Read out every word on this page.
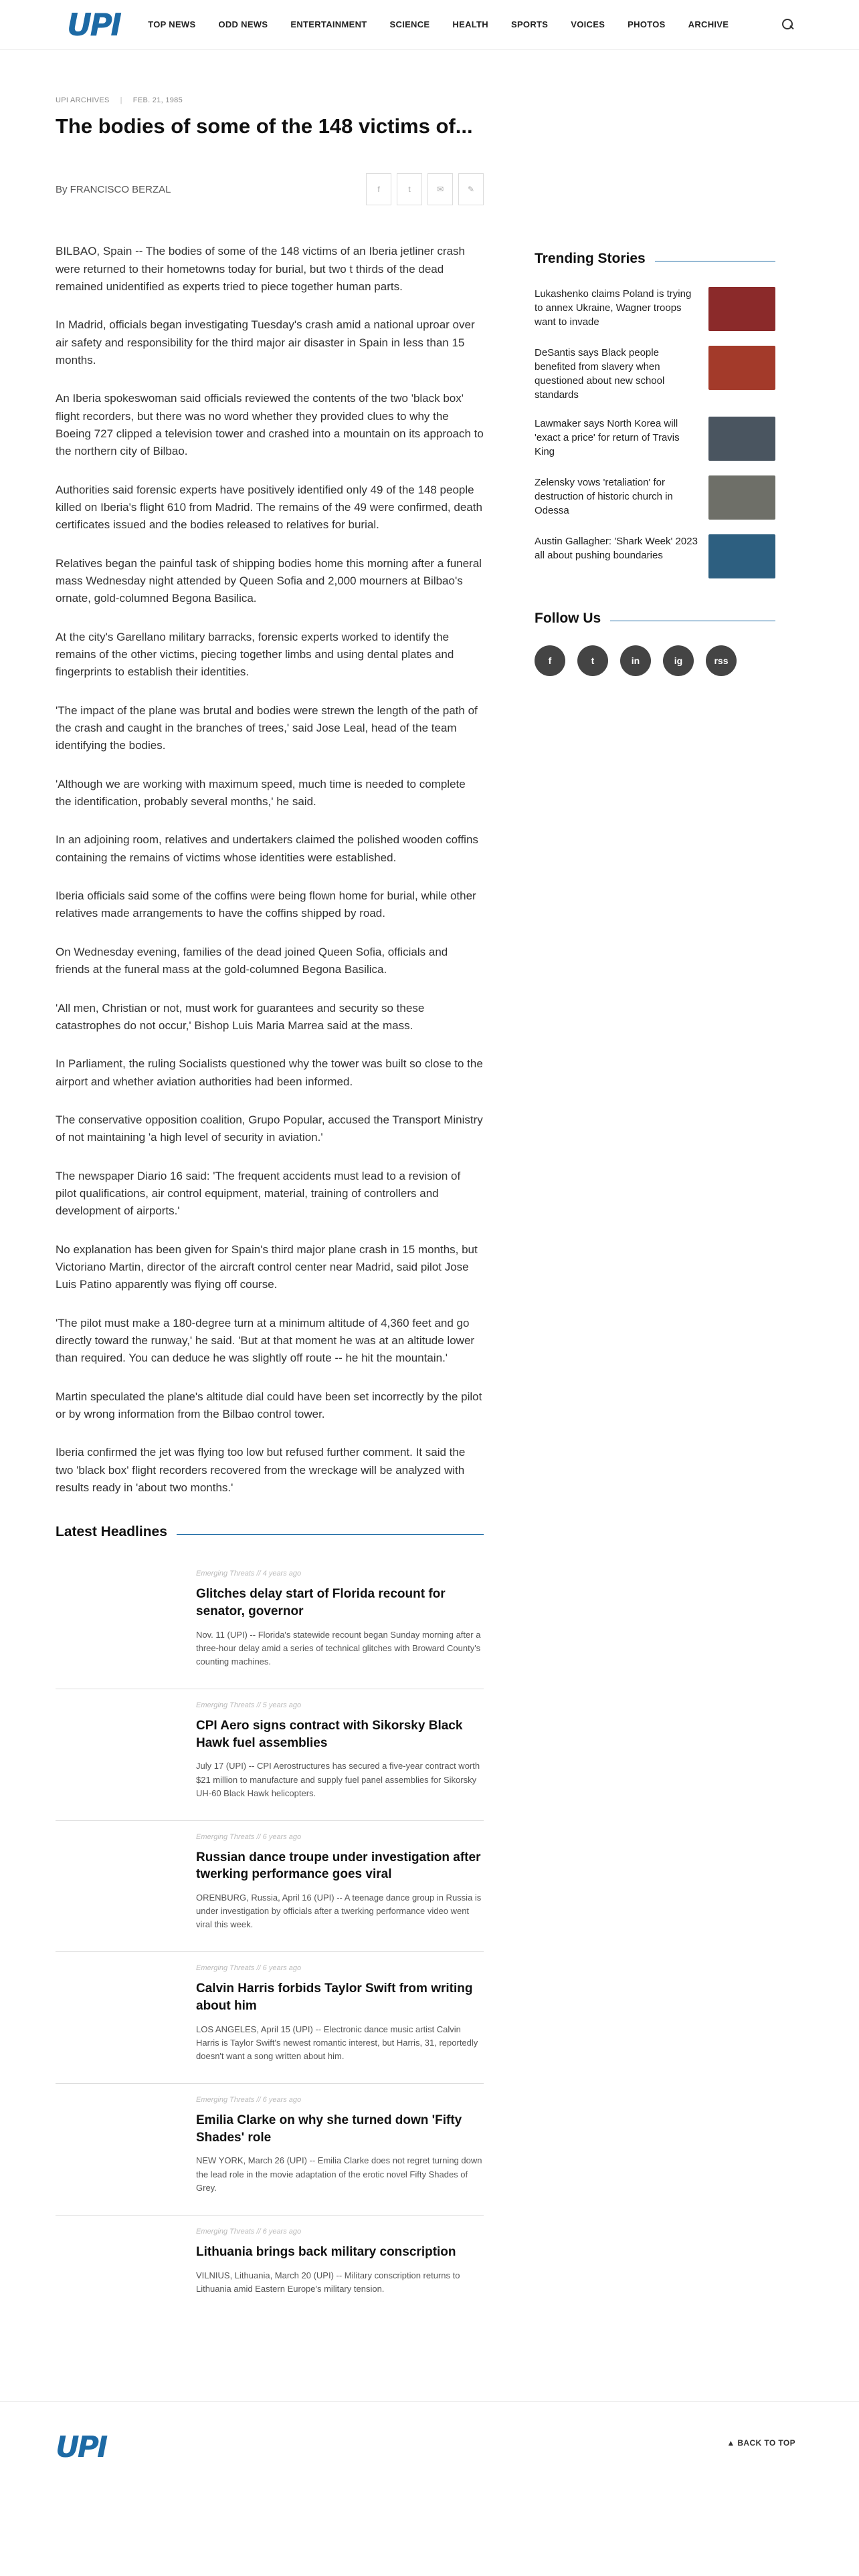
UPI	TOP NEWS	ODD NEWS	ENTERTAINMENT	SCIENCE	HEALTH	SPORTS	VOICES	PHOTOS	ARCHIVE
UPI ARCHIVES | FEB. 21, 1985
The bodies of some of the 148 victims of...
By FRANCISCO BERZAL	f	t	✉	✎

BILBAO, Spain -- The bodies of some of the 148 victims of an Iberia jetliner crash were returned to their hometowns today for burial, but two t thirds of the dead remained unidentified as experts tried to piece together human parts.

In Madrid, officials began investigating Tuesday's crash amid a national uproar over air safety and responsibility for the third major air disaster in Spain in less than 15 months.

An Iberia spokeswoman said officials reviewed the contents of the two 'black box' flight recorders, but there was no word whether they provided clues to why the Boeing 727 clipped a television tower and crashed into a mountain on its approach to the northern city of Bilbao.

Authorities said forensic experts have positively identified only 49 of the 148 people killed on Iberia's flight 610 from Madrid. The remains of the 49 were confirmed, death certificates issued and the bodies released to relatives for burial.

Relatives began the painful task of shipping bodies home this morning after a funeral mass Wednesday night attended by Queen Sofia and 2,000 mourners at Bilbao's ornate, gold-columned Begona Basilica.

At the city's Garellano military barracks, forensic experts worked to identify the remains of the other victims, piecing together limbs and using dental plates and fingerprints to establish their identities.

'The impact of the plane was brutal and bodies were strewn the length of the path of the crash and caught in the branches of trees,' said Jose Leal, head of the team identifying the bodies.

'Although we are working with maximum speed, much time is needed to complete the identification, probably several months,' he said.

In an adjoining room, relatives and undertakers claimed the polished wooden coffins containing the remains of victims whose identities were established.

Iberia officials said some of the coffins were being flown home for burial, while other relatives made arrangements to have the coffins shipped by road.

On Wednesday evening, families of the dead joined Queen Sofia, officials and friends at the funeral mass at the gold-columned Begona Basilica.

'All men, Christian or not, must work for guarantees and security so these catastrophes do not occur,' Bishop Luis Maria Marrea said at the mass.

In Parliament, the ruling Socialists questioned why the tower was built so close to the airport and whether aviation authorities had been informed.

The conservative opposition coalition, Grupo Popular, accused the Transport Ministry of not maintaining 'a high level of security in aviation.'

The newspaper Diario 16 said: 'The frequent accidents must lead to a revision of pilot qualifications, air control equipment, material, training of controllers and development of airports.'

No explanation has been given for Spain's third major plane crash in 15 months, but Victoriano Martin, director of the aircraft control center near Madrid, said pilot Jose Luis Patino apparently was flying off course.

'The pilot must make a 180-degree turn at a minimum altitude of 4,360 feet and go directly toward the runway,' he said. 'But at that moment he was at an altitude lower than required. You can deduce he was slightly off route -- he hit the mountain.'

Martin speculated the plane's altitude dial could have been set incorrectly by the pilot or by wrong information from the Bilbao control tower.

Iberia confirmed the jet was flying too low but refused further comment. It said the two 'black box' flight recorders recovered from the wreckage will be analyzed with results ready in 'about two months.'

Trending Stories
Lukashenko claims Poland is trying to annex Ukraine, Wagner troops want to invade
DeSantis says Black people benefited from slavery when questioned about new school standards
Lawmaker says North Korea will 'exact a price' for return of Travis King
Zelensky vows 'retaliation' for destruction of historic church in Odessa
Austin Gallagher: 'Shark Week' 2023 all about pushing boundaries
Follow Us
f	t	in	ig	rss
Latest Headlines
Emerging Threats // 4 years ago
Glitches delay start of Florida recount for senator, governor

Nov. 11 (UPI) -- Florida's statewide recount began Sunday morning after a three-hour delay amid a series of technical glitches with Broward County's counting machines.

Emerging Threats // 5 years ago
CPI Aero signs contract with Sikorsky Black Hawk fuel assemblies

July 17 (UPI) -- CPI Aerostructures has secured a five-year contract worth $21 million to manufacture and supply fuel panel assemblies for Sikorsky UH-60 Black Hawk helicopters.

Emerging Threats // 6 years ago
Russian dance troupe under investigation after twerking performance goes viral

ORENBURG, Russia, April 16 (UPI) -- A teenage dance group in Russia is under investigation by officials after a twerking performance video went viral this week.

Emerging Threats // 6 years ago
Calvin Harris forbids Taylor Swift from writing about him

LOS ANGELES, April 15 (UPI) -- Electronic dance music artist Calvin Harris is Taylor Swift's newest romantic interest, but Harris, 31, reportedly doesn't want a song written about him.

Emerging Threats // 6 years ago
Emilia Clarke on why she turned down 'Fifty Shades' role

NEW YORK, March 26 (UPI) -- Emilia Clarke does not regret turning down the lead role in the movie adaptation of the erotic novel Fifty Shades of Grey.

Emerging Threats // 6 years ago
Lithuania brings back military conscription

VILNIUS, Lithuania, March 20 (UPI) -- Military conscription returns to Lithuania amid Eastern Europe's military tension.

UPI	▲ BACK TO TOP
